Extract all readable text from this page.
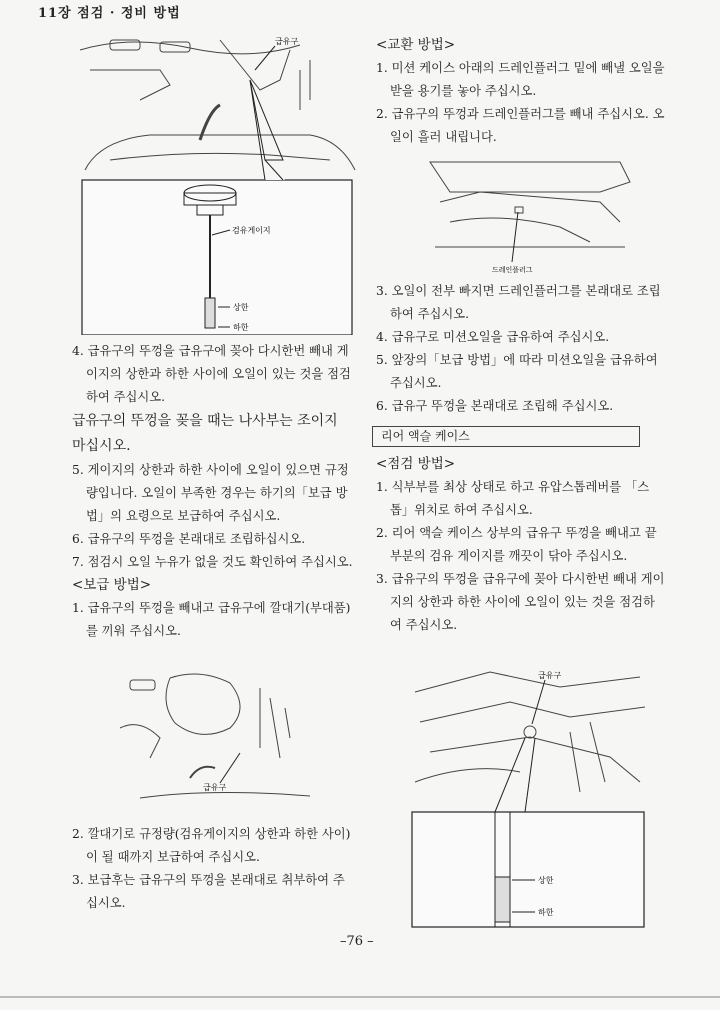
11장 점검 · 정비 방법
급유구
검유게이지
상한
하한

4. 급유구의 뚜껑을 급유구에 꽂아 다시한번 빼내 게이지의 상한과 하한 사이에 오일이 있는 것을 점검하여 주십시오.

급유구의 뚜껑을 꽂을 때는 나사부는 조이지 마십시오.

5. 게이지의 상한과 하한 사이에 오일이 있으면 규정량입니다. 오일이 부족한 경우는 하기의「보급 방법」의 요령으로 보급하여 주십시오.

6. 급유구의 뚜껑을 본래대로 조립하십시오.

7. 점검시 오일 누유가 없을 것도 확인하여 주십시오.

<보급 방법>

1. 급유구의 뚜껑을 빼내고 급유구에 깔대기(부대품)를 끼워 주십시오.

급유구

2. 깔대기로 규정량(검유게이지의 상한과 하한 사이)이 될 때까지 보급하여 주십시오.

3. 보급후는 급유구의 뚜껑을 본래대로 취부하여 주십시오.

<교환 방법>

1. 미션 케이스 아래의 드레인플러그 밑에 빼낼 오일을 받을 용기를 놓아 주십시오.

2. 급유구의 뚜껑과 드레인플러그를 빼내 주십시오. 오일이 흘러 내립니다.

드레인플러그

3. 오일이 전부 빠지면 드레인플러그를 본래대로 조립하여 주십시오.

4. 급유구로 미션오일을 급유하여 주십시오.

5. 앞장의「보급 방법」에 따라 미션오일을 급유하여 주십시오.

6. 급유구 뚜껑을 본래대로 조립해 주십시오.

리어 액슬 케이스

<점검 방법>

1. 식부부를 최상 상태로 하고 유압스톱레버를 「스톱」위치로 하여 주십시오.

2. 리어 액슬 케이스 상부의 급유구 뚜껑을 빼내고 끝부분의 검유 게이지를 깨끗이 닦아 주십시오.

3. 급유구의 뚜껑을 급유구에 꽂아 다시한번 빼내 게이지의 상한과 하한 사이에 오일이 있는 것을 점검하여 주십시오.

급유구
상한
하한
–76 –
